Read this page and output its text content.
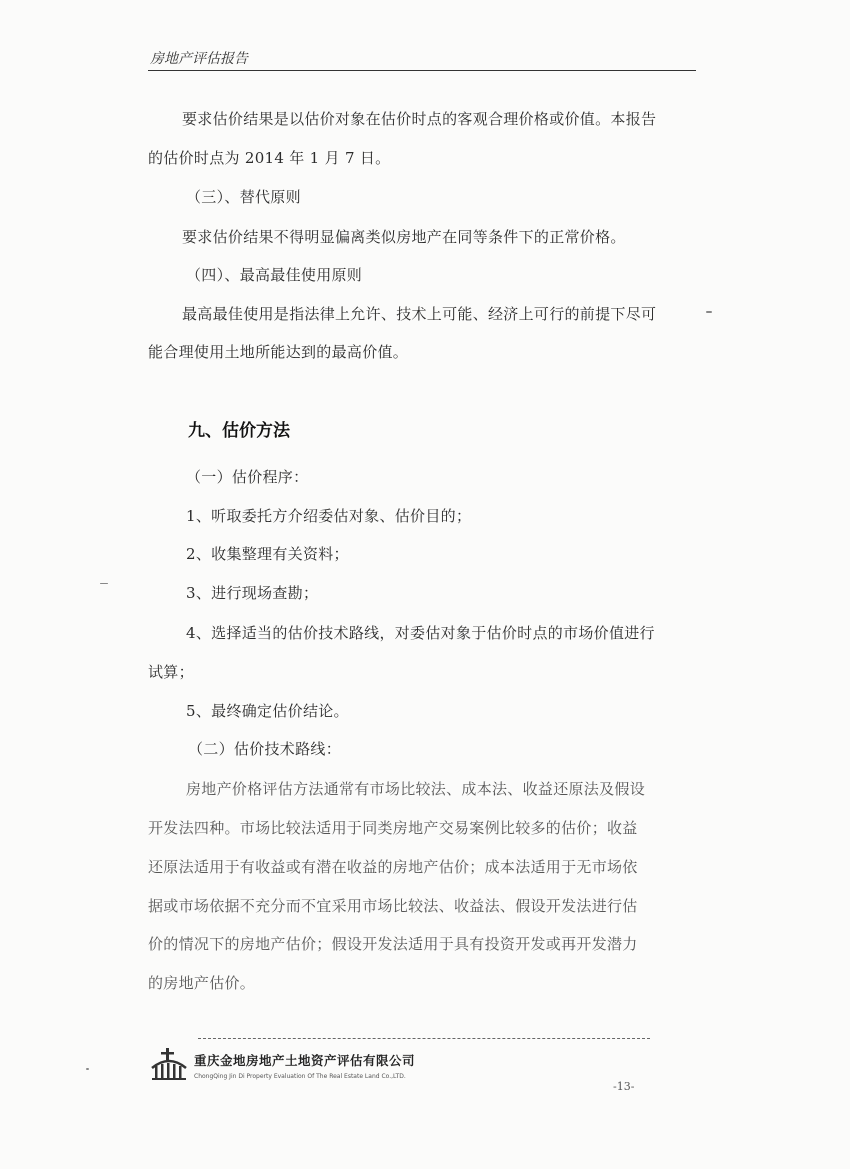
房地产评估报告
要求估价结果是以估价对象在估价时点的客观合理价格或价值。本报告
的估价时点为 2014 年 1 月 7 日。
（三）、替代原则
要求估价结果不得明显偏离类似房地产在同等条件下的正常价格。
（四）、最高最佳使用原则
最高最佳使用是指法律上允许、技术上可能、经济上可行的前提下尽可
能合理使用土地所能达到的最高价值。
九、估价方法
（一）估价程序：
1、听取委托方介绍委估对象、估价目的；
2、收集整理有关资料；
3、进行现场查勘；
4、选择适当的估价技术路线，对委估对象于估价时点的市场价值进行
试算；
5、最终确定估价结论。
（二）估价技术路线：
房地产价格评估方法通常有市场比较法、成本法、收益还原法及假设
开发法四种。市场比较法适用于同类房地产交易案例比较多的估价；收益
还原法适用于有收益或有潜在收益的房地产估价；成本法适用于无市场依
据或市场依据不充分而不宜采用市场比较法、收益法、假设开发法进行估
价的情况下的房地产估价；假设开发法适用于具有投资开发或再开发潜力
的房地产估价。
重庆金地房地产土地资产评估有限公司
ChongQing Jin Di Property Evaluation Of The Real Estate Land Co.,LTD.
-13-
